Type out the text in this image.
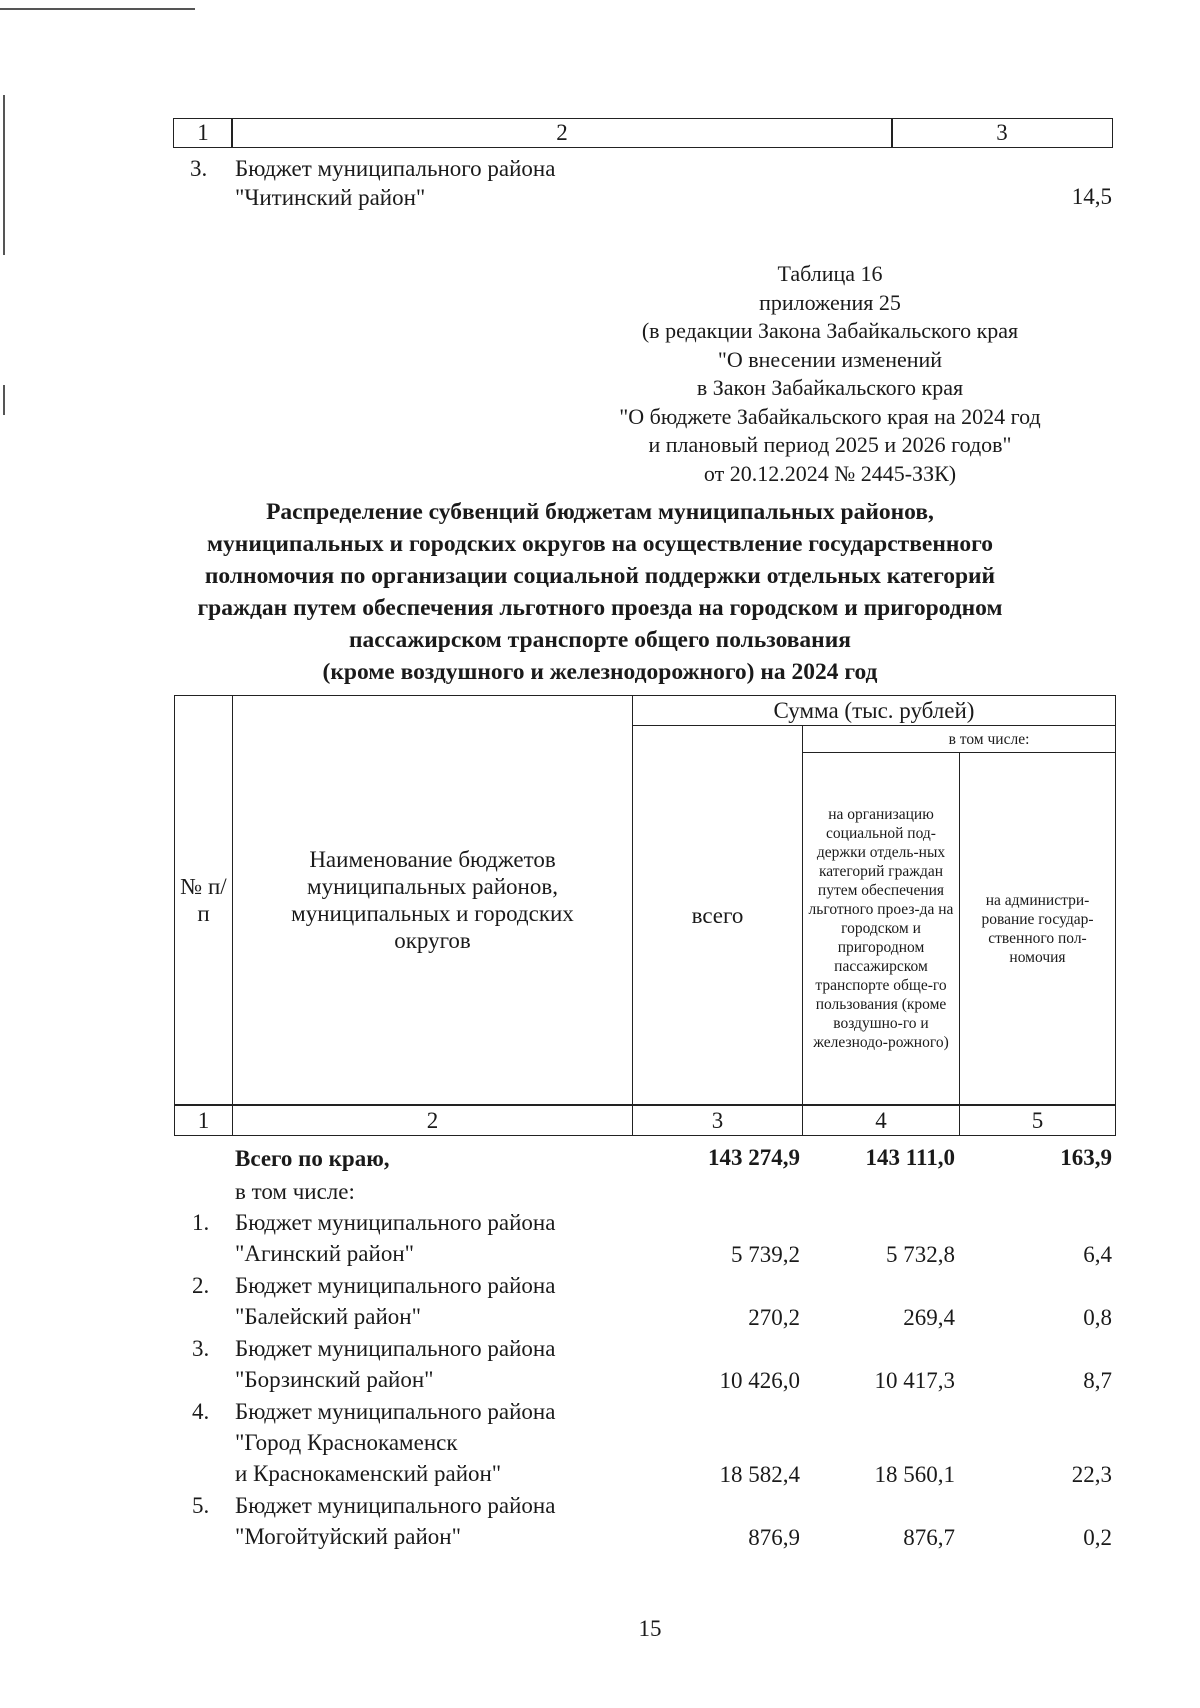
1	2	3
3. Бюджет муниципального района
"Читинский район"	14,5
Таблица 16
приложения 25
(в редакции Закона Забайкальского края
"О внесении изменений
в Закон Забайкальского края
"О бюджете Забайкальского края на 2024 год
и плановый период 2025 и 2026 годов"
от 20.12.2024 № 2445-ЗЗК)
Распределение субвенций бюджетам муниципальных районов,
муниципальных и городских округов на осуществление государственного
полномочия по организации социальной поддержки отдельных категорий
граждан путем обеспечения льготного проезда на городском и пригородном
пассажирском транспорте общего пользования
(кроме воздушного и железнодорожного) на 2024 год
№ п/п
Наименование бюджетов муниципальных районов, муниципальных и городских округов
Сумма (тыс. рублей)
всего
в том числе:
на организацию социальной под-держки отдель-ных категорий граждан путем обеспечения льготного проез-да на городском и пригородном пассажирском транспорте обще-го пользования (кроме воздушно-го и железнодо-рожного)
на администри-рование государ-ственного пол-номочия
1	2	3	4	5
Всего по краю,
в том числе:
143 274,9	143 111,0	163,9
1. Бюджет муниципального района
"Агинский район"	5 739,2	5 732,8	6,4
2. Бюджет муниципального района
"Балейский район"	270,2	269,4	0,8
3. Бюджет муниципального района
"Борзинский район"	10 426,0	10 417,3	8,7
4. Бюджет муниципального района
"Город Краснокаменск
и Краснокаменский район"	18 582,4	18 560,1	22,3
5. Бюджет муниципального района
"Могойтуйский район"	876,9	876,7	0,2
15
